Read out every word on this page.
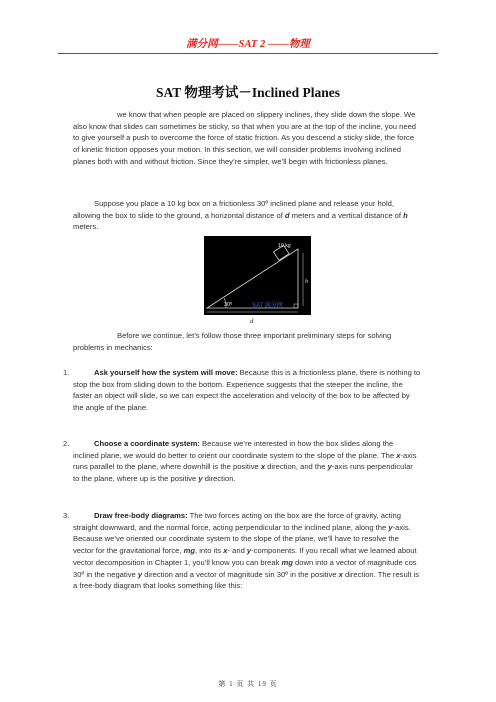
满分网——SAT 2 ——物理
SAT 物理考试－Inclined Planes

we know that when people are placed on slippery inclines, they slide down the slope. We also know that slides can sometimes be sticky, so that when you are at the top of the incline, you need to give yourself a push to overcome the force of static friction. As you descend a sticky slide, the force of kinetic friction opposes your motion. In this section, we will consider problems involving inclined planes both with and without friction. Since they’re simpler, we’ll begin with frictionless planes.

Suppose you place a 10 kg box on a frictionless 30º inclined plane and release your hold, allowing the box to slide to the ground, a horizontal distance of d meters and a vertical distance of h meters.

10 kg
30º	SAT 满分网
h
d

Before we continue, let’s follow those three important preliminary steps for solving problems in mechanics:

1.	Ask yourself how the system will move: Because this is a frictionless plane, there is nothing to stop the box from sliding down to the bottom. Experience suggests that the steeper the incline, the faster an object will slide, so we can expect the acceleration and velocity of the box to be affected by the angle of the plane.

2.	Choose a coordinate system: Because we’re interested in how the box slides along the inclined plane, we would do better to orient our coordinate system to the slope of the plane. The x-axis runs parallel to the plane, where downhill is the positive x direction, and the y-axis runs perpendicular to the plane, where up is the positive y direction.

3.	Draw free-body diagrams: The two forces acting on the box are the force of gravity, acting straight downward, and the normal force, acting perpendicular to the inclined plane, along the y-axis. Because we’ve oriented our coordinate system to the slope of the plane, we’ll have to resolve the vector for the gravitational force, mg, into its x- and y-components. If you recall what we learned about vector decomposition in Chapter 1, you’ll know you can break mg down into a vector of magnitude cos 30º in the negative y direction and a vector of magnitude sin 30º in the positive x direction. The result is a free-body diagram that looks something like this:

第 1 页 共 19 页
